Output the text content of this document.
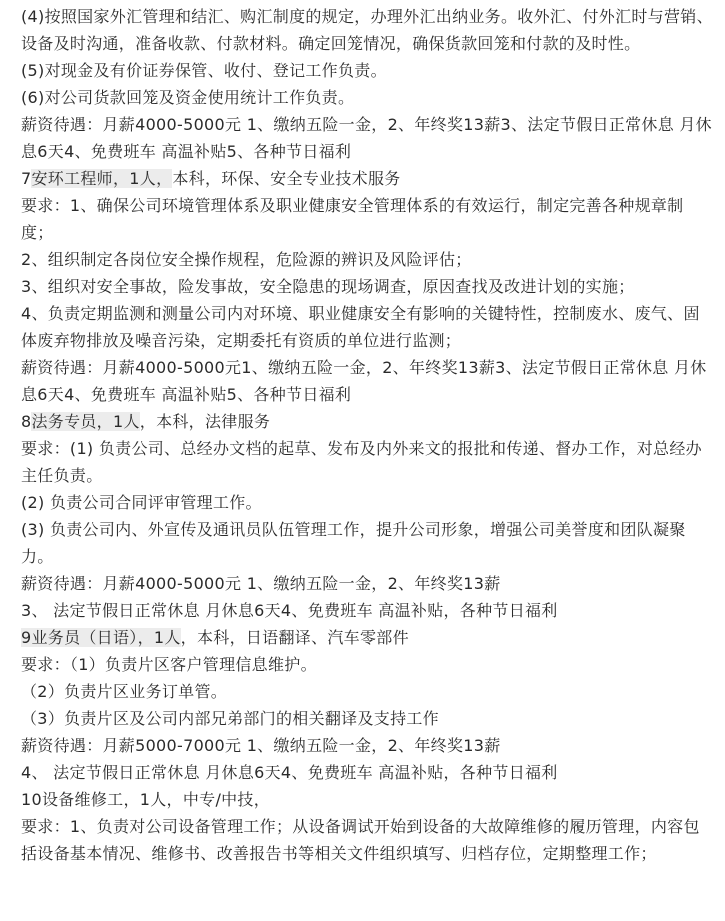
(4)按照国家外汇管理和结汇、购汇制度的规定，办理外汇出纳业务。收外汇、付外汇时与营销、设备及时沟通，准备收款、付款材料。确定回笼情况，确保货款回笼和付款的及时性。

(5)对现金及有价证券保管、收付、登记工作负责。

(6)对公司货款回笼及资金使用统计工作负责。

薪资待遇：月薪4000-5000元 1、缴纳五险一金，2、年终奖13薪3、法定节假日正常休息 月休息6天4、免费班车 高温补贴5、各种节日福利

7安环工程师，1人，本科，环保、安全专业技术服务

要求：1、确保公司环境管理体系及职业健康安全管理体系的有效运行，制定完善各种规章制度；

2、组织制定各岗位安全操作规程，危险源的辨识及风险评估；

3、组织对安全事故，险发事故，安全隐患的现场调查，原因查找及改进计划的实施；

4、负责定期监测和测量公司内对环境、职业健康安全有影响的关键特性，控制废水、废气、固体废弃物排放及噪音污染，定期委托有资质的单位进行监测；

薪资待遇：月薪4000-5000元1、缴纳五险一金，2、年终奖13薪3、法定节假日正常休息 月休息6天4、免费班车 高温补贴5、各种节日福利

8法务专员，1人，本科，法律服务

要求：(1) 负责公司、总经办文档的起草、发布及内外来文的报批和传递、督办工作，对总经办主任负责。

(2) 负责公司合同评审管理工作。

(3) 负责公司内、外宣传及通讯员队伍管理工作，提升公司形象，增强公司美誉度和团队凝聚力。

薪资待遇：月薪4000-5000元 1、缴纳五险一金，2、年终奖13薪

3、 法定节假日正常休息 月休息6天4、免费班车 高温补贴，各种节日福利

9业务员（日语），1人，本科，日语翻译、汽车零部件

要求：（1）负责片区客户管理信息维护。

（2）负责片区业务订单管。

（3）负责片区及公司内部兄弟部门的相关翻译及支持工作

薪资待遇：月薪5000-7000元 1、缴纳五险一金，2、年终奖13薪

4、 法定节假日正常休息 月休息6天4、免费班车 高温补贴，各种节日福利

10设备维修工，1人，中专/中技，

要求：1、负责对公司设备管理工作；从设备调试开始到设备的大故障维修的履历管理，内容包括设备基本情况、维修书、改善报告书等相关文件组织填写、归档存位，定期整理工作；
